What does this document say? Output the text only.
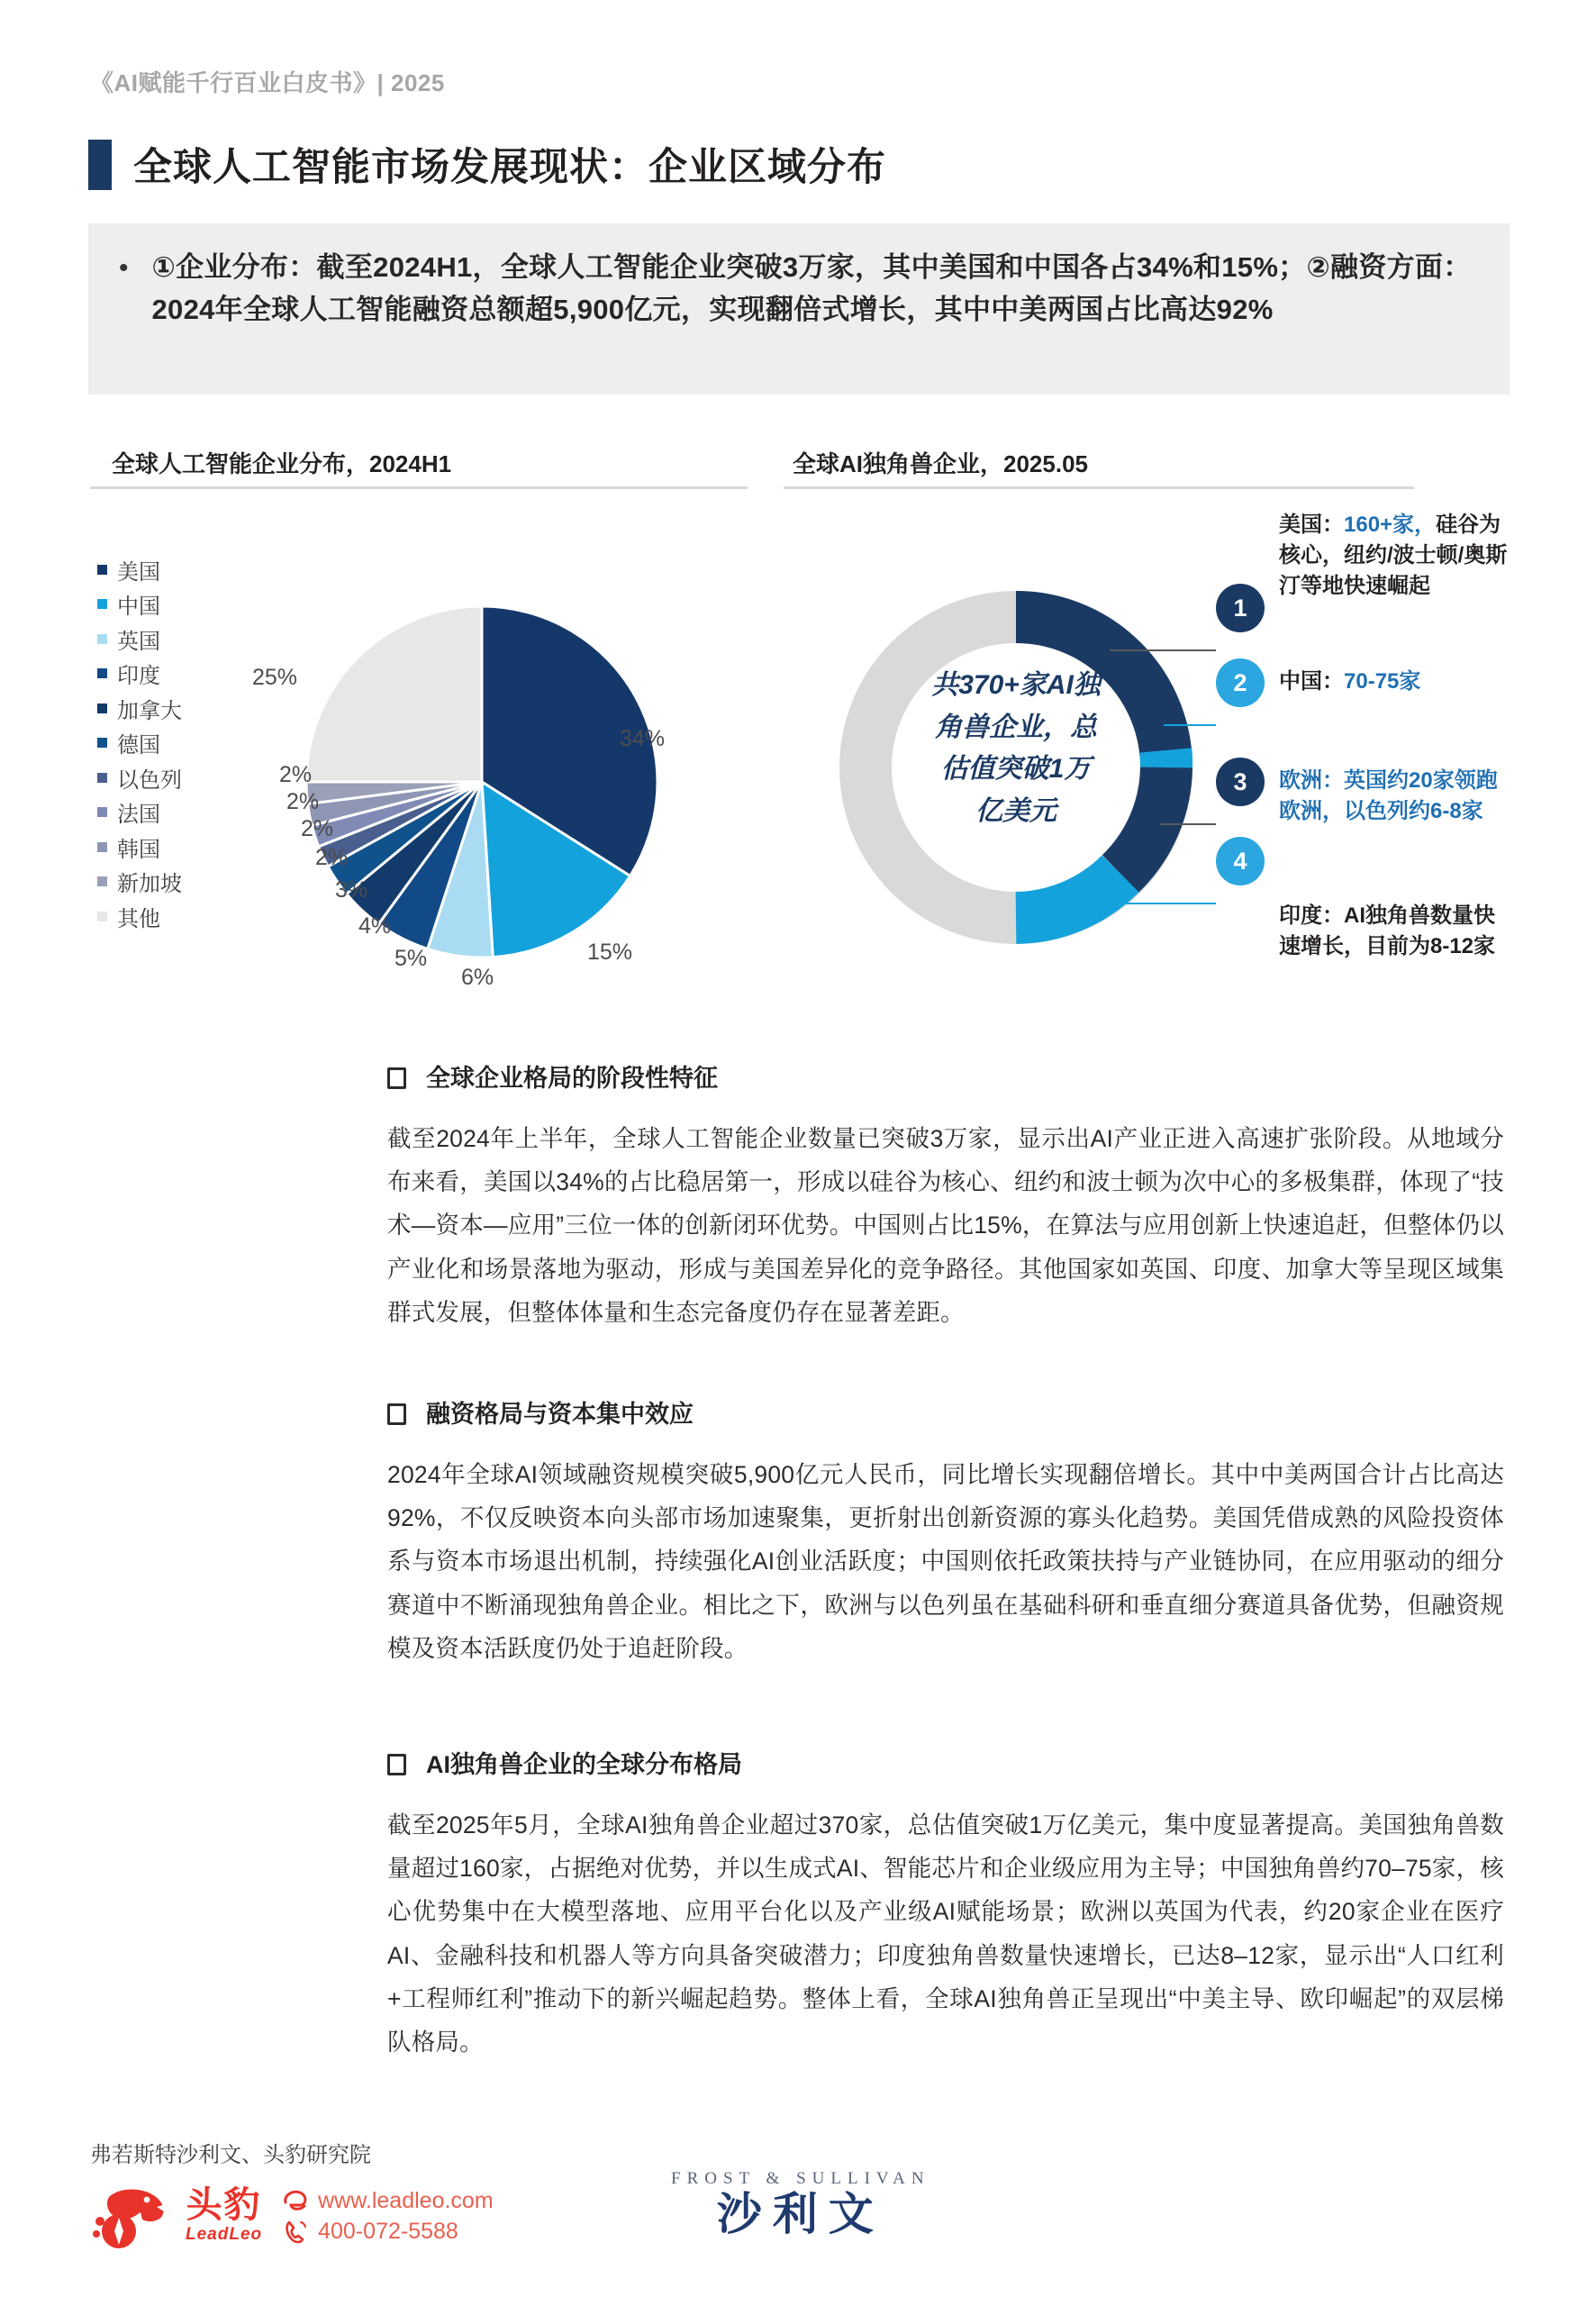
《AI赋能千行百业白皮书》| 2025
全球人工智能市场发展现状：企业区域分布
• ①企业分布：截至2024H1，全球人工智能企业突破3万家，其中美国和中国各占34%和15%；②融资方面：2024年全球人工智能融资总额超5,900亿元，实现翻倍式增长，其中中美两国占比高达92%
全球人工智能企业分布，2024H1	全球AI独角兽企业，2025.05
美国
中国
英国
印度
加拿大
德国
以色列
法国
韩国
新加坡
其他
25%
34%
15%
6%
5%
4%
3%
2%
2%
2%
2%
共370+家AI独
角兽企业，总
估值突破1万
亿美元
1
2
3
4
美国：160+家，硅谷为核心，纽约/波士顿/奥斯汀等地快速崛起
中国：70-75家
欧洲：英国约20家领跑欧洲，以色列约6-8家
印度：AI独角兽数量快速增长，目前为8-12家
全球企业格局的阶段性特征
截至2024年上半年，全球人工智能企业数量已突破3万家，显示出AI产业正进入高速扩张阶段。从地域分布来看，美国以34%的占比稳居第一，形成以硅谷为核心、纽约和波士顿为次中心的多极集群，体现了“技术—资本—应用”三位一体的创新闭环优势。中国则占比15%，在算法与应用创新上快速追赶，但整体仍以产业化和场景落地为驱动，形成与美国差异化的竞争路径。其他国家如英国、印度、加拿大等呈现区域集群式发展，但整体体量和生态完备度仍存在显著差距。
融资格局与资本集中效应
2024年全球AI领域融资规模突破5,900亿元人民币，同比增长实现翻倍增长。其中中美两国合计占比高达92%，不仅反映资本向头部市场加速聚集，更折射出创新资源的寡头化趋势。美国凭借成熟的风险投资体系与资本市场退出机制，持续强化AI创业活跃度；中国则依托政策扶持与产业链协同，在应用驱动的细分赛道中不断涌现独角兽企业。相比之下，欧洲与以色列虽在基础科研和垂直细分赛道具备优势，但融资规模及资本活跃度仍处于追赶阶段。
AI独角兽企业的全球分布格局
截至2025年5月，全球AI独角兽企业超过370家，总估值突破1万亿美元，集中度显著提高。美国独角兽数量超过160家，占据绝对优势，并以生成式AI、智能芯片和企业级应用为主导；中国独角兽约70–75家，核心优势集中在大模型落地、应用平台化以及产业级AI赋能场景；欧洲以英国为代表，约20家企业在医疗AI、金融科技和机器人等方向具备突破潜力；印度独角兽数量快速增长，已达8–12家，显示出“人口红利+工程师红利”推动下的新兴崛起趋势。整体上看，全球AI独角兽正呈现出“中美主导、欧印崛起”的双层梯队格局。
弗若斯特沙利文、头豹研究院
头豹
LeadLeo
www.leadleo.com
400-072-5588
FROST & SULLIVAN
沙利文
